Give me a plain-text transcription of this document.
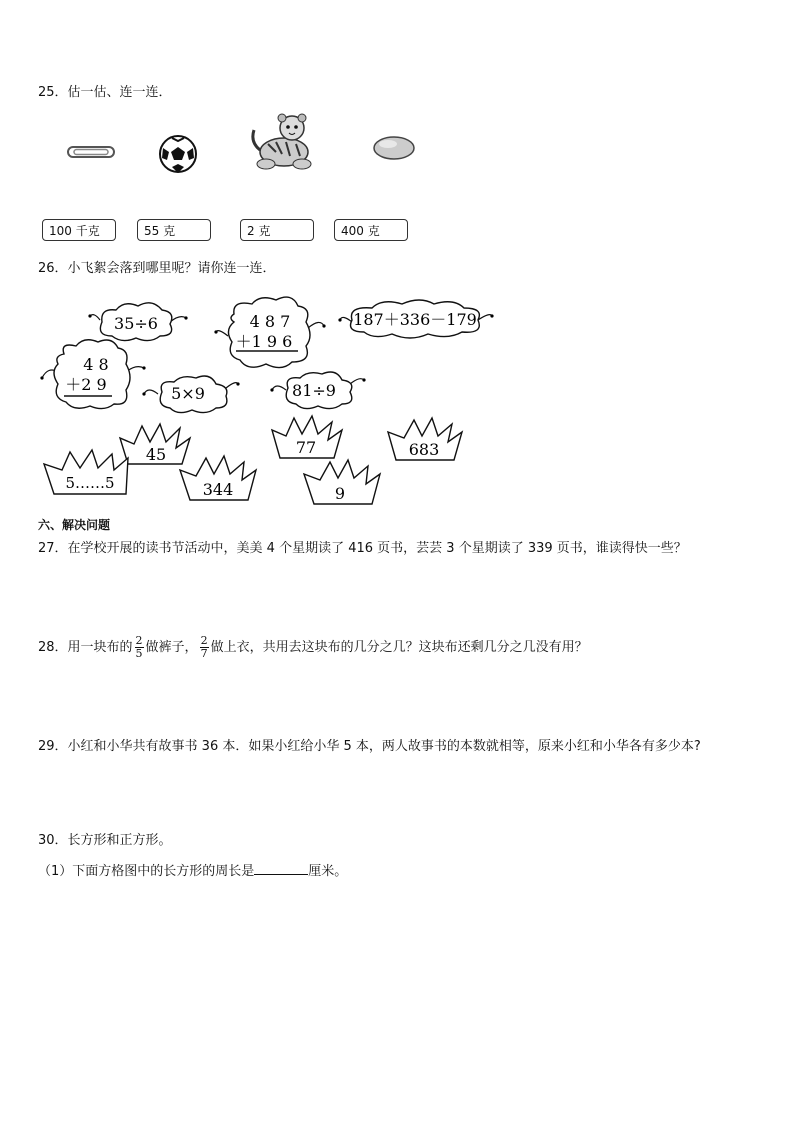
25．估一估、连一连．
100 千克	55 克	2 克	400 克
26．小飞絮会落到哪里呢？请你连一连．
35÷6	4 8 7
＋1 9 6
187＋336－179
4 8
＋2 9	5×9	81÷9
45	77	683
5……5	344	9
六、解决问题
27．在学校开展的读书节活动中，美美 4 个星期读了 416 页书，芸芸 3 个星期读了 339 页书，谁读得快一些？
28．用一块布的 $\frac{2}{5}$ 做裤子， $\frac{2}{7}$ 做上衣，共用去这块布的几分之几？这块布还剩几分之几没有用？
29．小红和小华共有故事书 36 本．如果小红给小华 5 本，两人故事书的本数就相等，原来小红和小华各有多少本?
30．长方形和正方形。
（1）下面方格图中的长方形的周长是	厘米。
